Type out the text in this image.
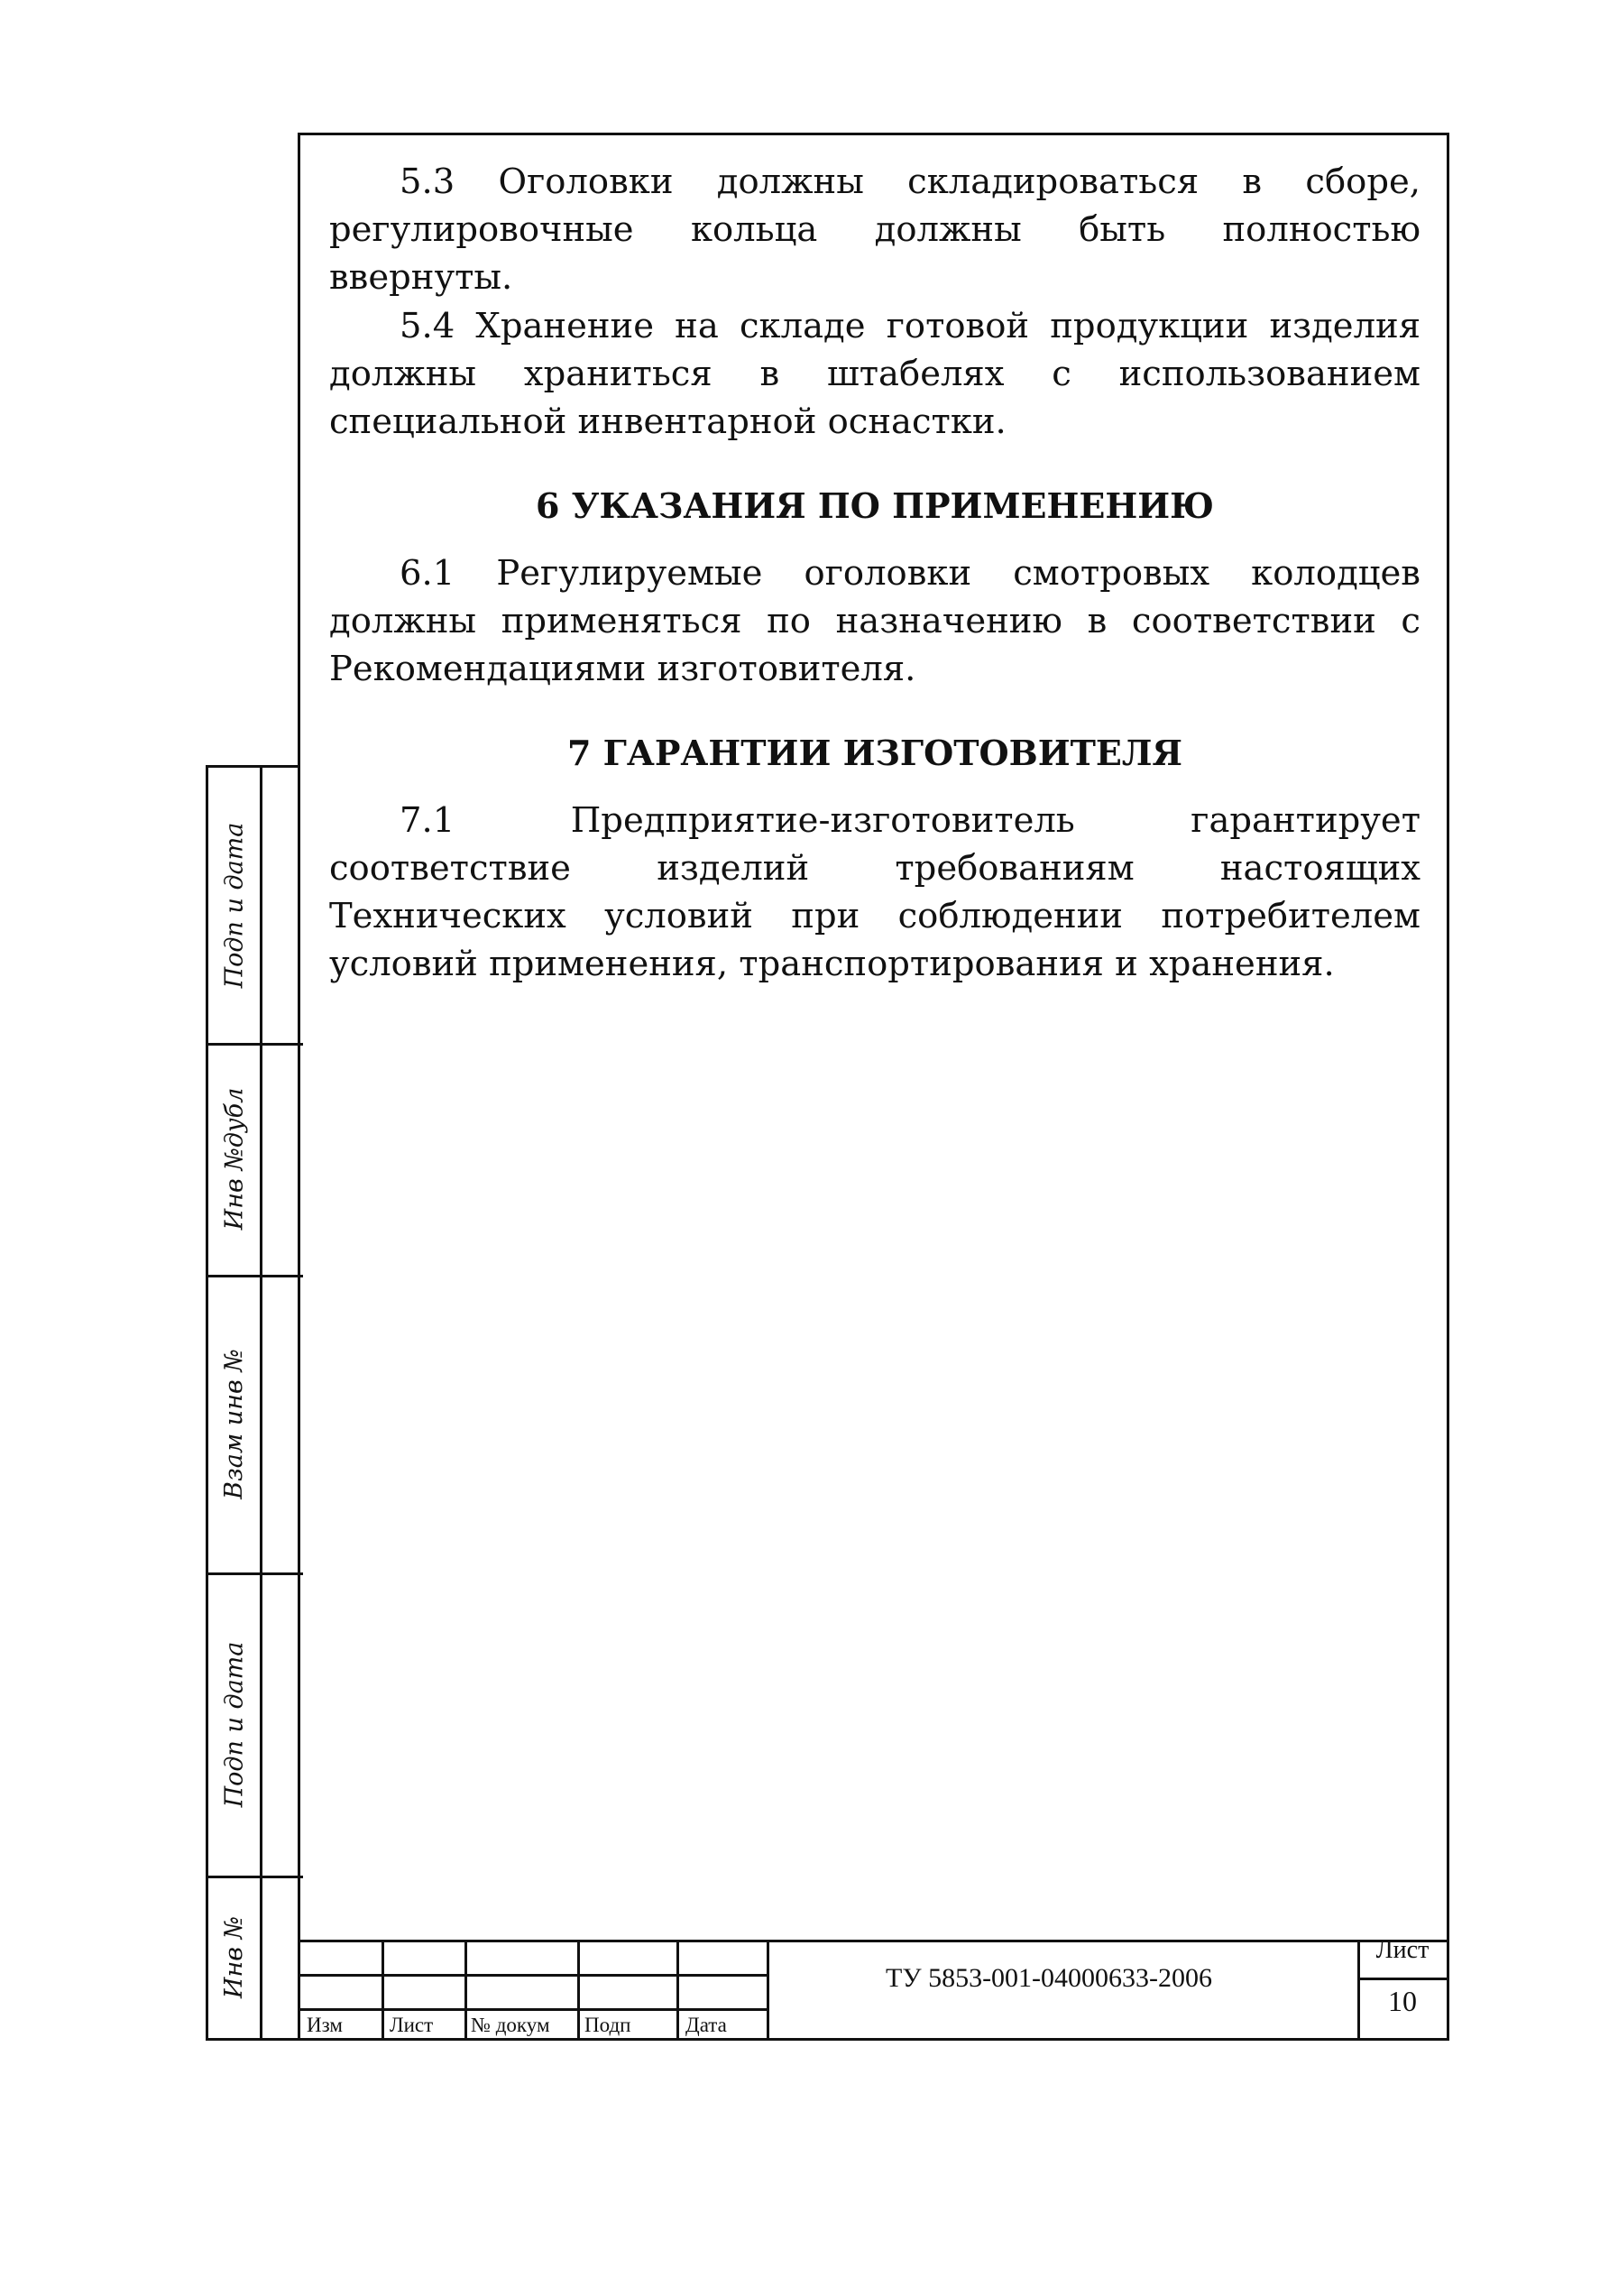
5.3 Оголовки должны складироваться в сборе, регулировочные кольца должны быть полностью ввернуты.

5.4 Хранение на складе готовой продукции изделия должны храниться в штабелях с использованием специальной инвентарной оснастки.

6 УКАЗАНИЯ ПО ПРИМЕНЕНИЮ

6.1 Регулируемые оголовки смотровых колодцев должны применяться по назначению в соответствии с Рекомендациями изготовителя.

7 ГАРАНТИИ ИЗГОТОВИТЕЛЯ

7.1 Предприятие-изготовитель гарантирует соответствие изделий требованиям настоящих Технических условий при соблюдении потребителем условий применения, транспортирования и хранения.

Подп и дата
Инв №дубл
Взам инв №
Подп и дата
Инв №
Изм Лист № докум Подп	Дата
ТУ 5853-001-04000633-2006
Лист
10
